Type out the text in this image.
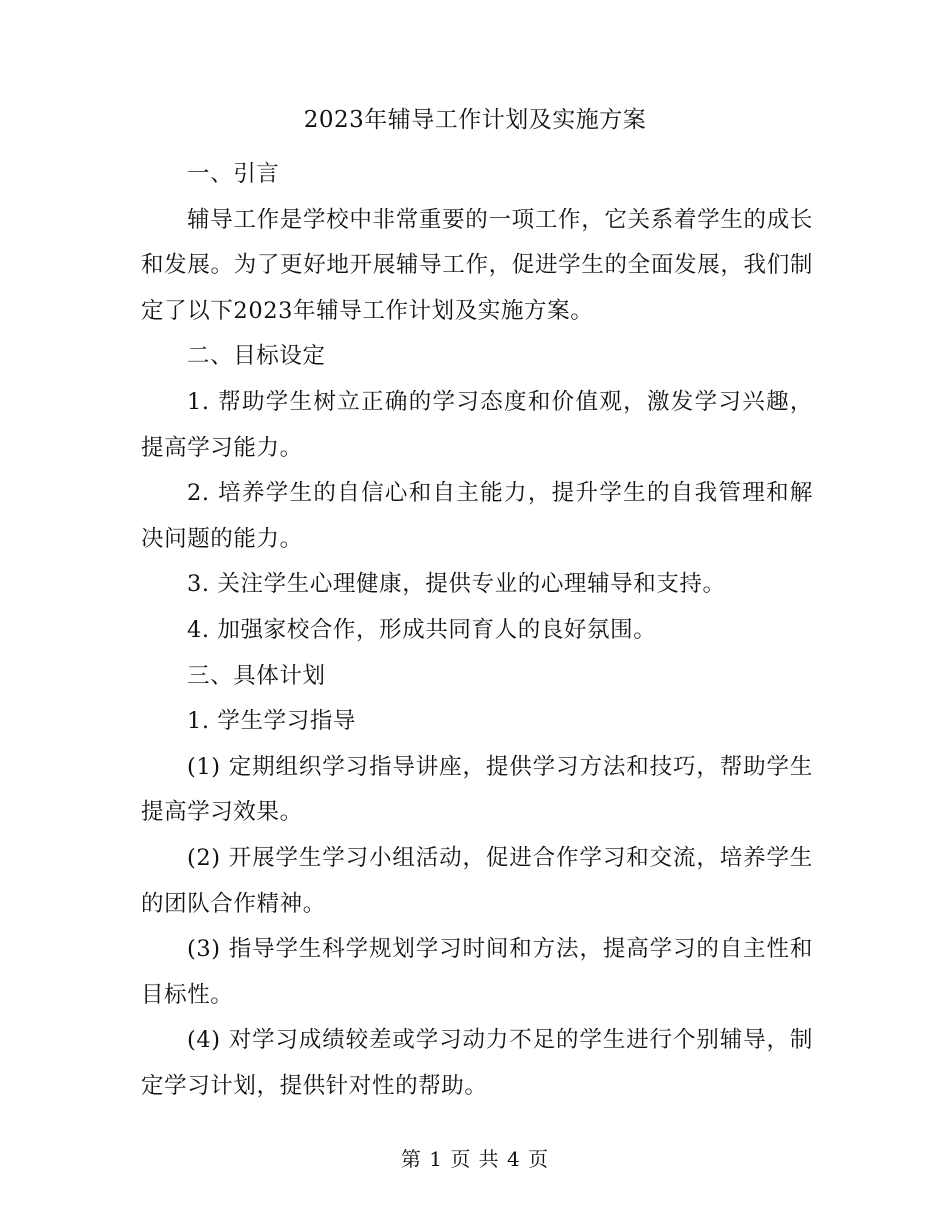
2023年辅导工作计划及实施方案

一、引言

辅导工作是学校中非常重要的一项工作，它关系着学生的成长和发展。为了更好地开展辅导工作，促进学生的全面发展，我们制定了以下2023年辅导工作计划及实施方案。

二、目标设定

1. 帮助学生树立正确的学习态度和价值观，激发学习兴趣，提高学习能力。

2. 培养学生的自信心和自主能力，提升学生的自我管理和解决问题的能力。

3. 关注学生心理健康，提供专业的心理辅导和支持。

4. 加强家校合作，形成共同育人的良好氛围。

三、具体计划

1. 学生学习指导

(1) 定期组织学习指导讲座，提供学习方法和技巧，帮助学生提高学习效果。

(2) 开展学生学习小组活动，促进合作学习和交流，培养学生的团队合作精神。

(3) 指导学生科学规划学习时间和方法，提高学习的自主性和目标性。

(4) 对学习成绩较差或学习动力不足的学生进行个别辅导，制定学习计划，提供针对性的帮助。

第 1 页 共 4 页
